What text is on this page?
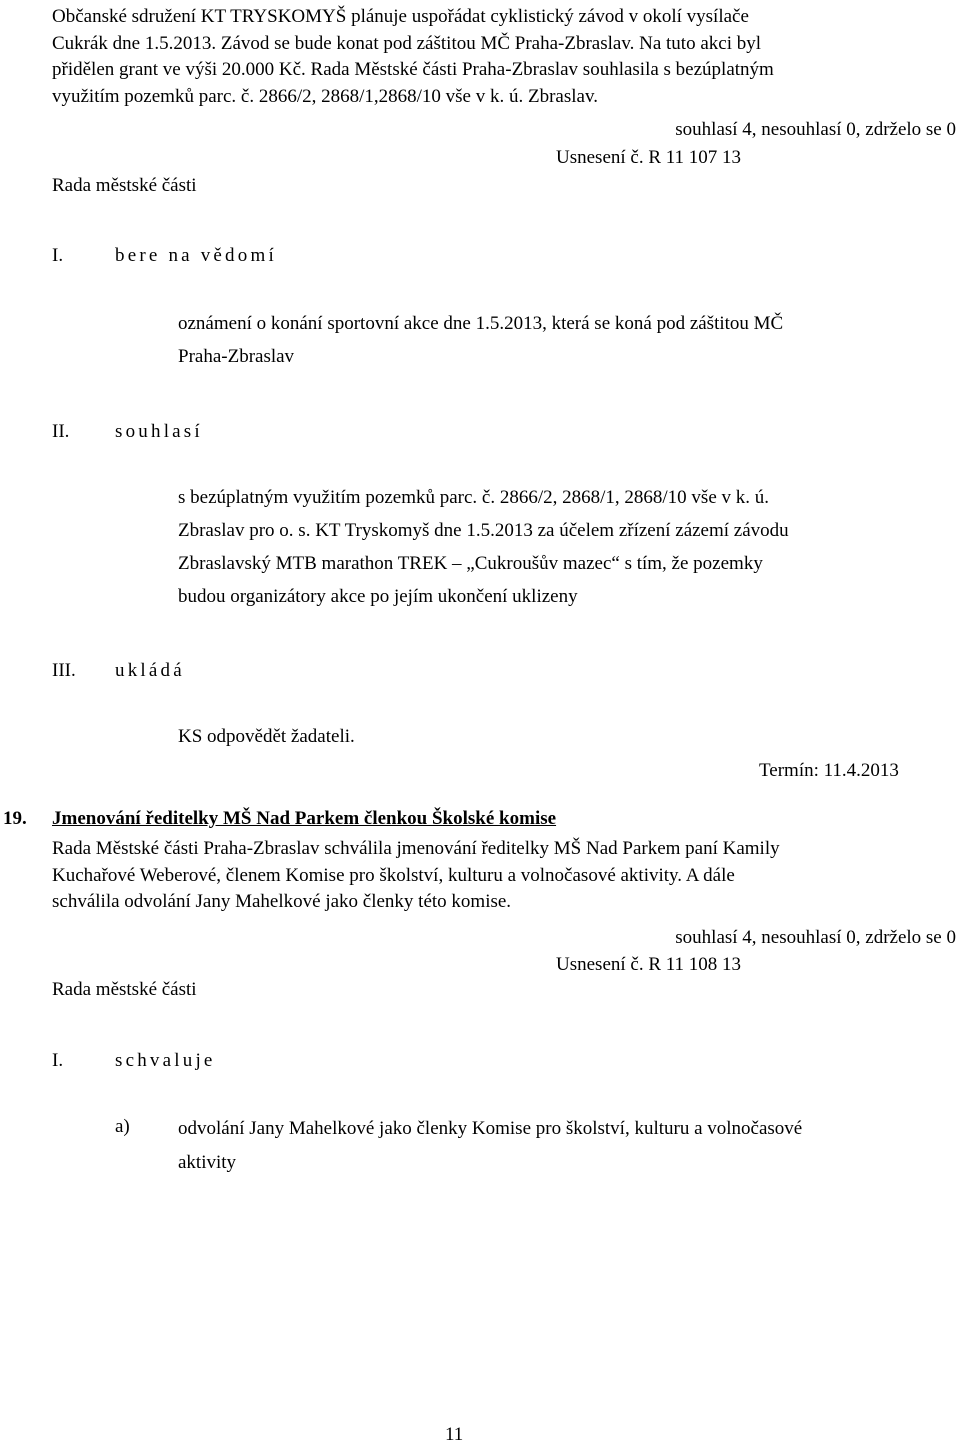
Občanské sdružení KT TRYSKOMYŠ plánuje uspořádat cyklistický závod v okolí vysílače
Cukrák dne 1.5.2013. Závod se bude konat pod záštitou MČ Praha-Zbraslav. Na tuto akci byl
přidělen grant ve výši 20.000 Kč. Rada Městské části Praha-Zbraslav souhlasila s bezúplatným
využitím pozemků parc. č. 2866/2, 2868/1,2868/10 vše v k. ú. Zbraslav.
souhlasí 4, nesouhlasí 0, zdrželo se 0
Usnesení č. R 11 107 13
Rada městské části
I.	bere na vědomí
oznámení o konání sportovní akce dne 1.5.2013, která se koná pod záštitou MČ
Praha-Zbraslav
II. souhlasí
s bezúplatným využitím pozemků parc. č. 2866/2, 2868/1, 2868/10 vše v k. ú.
Zbraslav pro o. s. KT Tryskomyš dne 1.5.2013 za účelem zřízení zázemí závodu
Zbraslavský MTB marathon TREK – „Cukroušův mazec“ s tím, že pozemky
budou organizátory akce po jejím ukončení uklizeny
III. ukládá
KS odpovědět žadateli.
Termín: 11.4.2013
19. Jmenování ředitelky MŠ Nad Parkem členkou Školské komise
Rada Městské části Praha-Zbraslav schválila jmenování ředitelky MŠ Nad Parkem paní Kamily
Kuchařové Weberové, členem Komise pro školství, kulturu a volnočasové aktivity. A dále
schválila odvolání Jany Mahelkové jako členky této komise.
souhlasí 4, nesouhlasí 0, zdrželo se 0
Usnesení č. R 11 108 13
Rada městské části
I.	schvaluje
a)	odvolání Jany Mahelkové jako členky Komise pro školství, kulturu a volnočasové
aktivity
11
